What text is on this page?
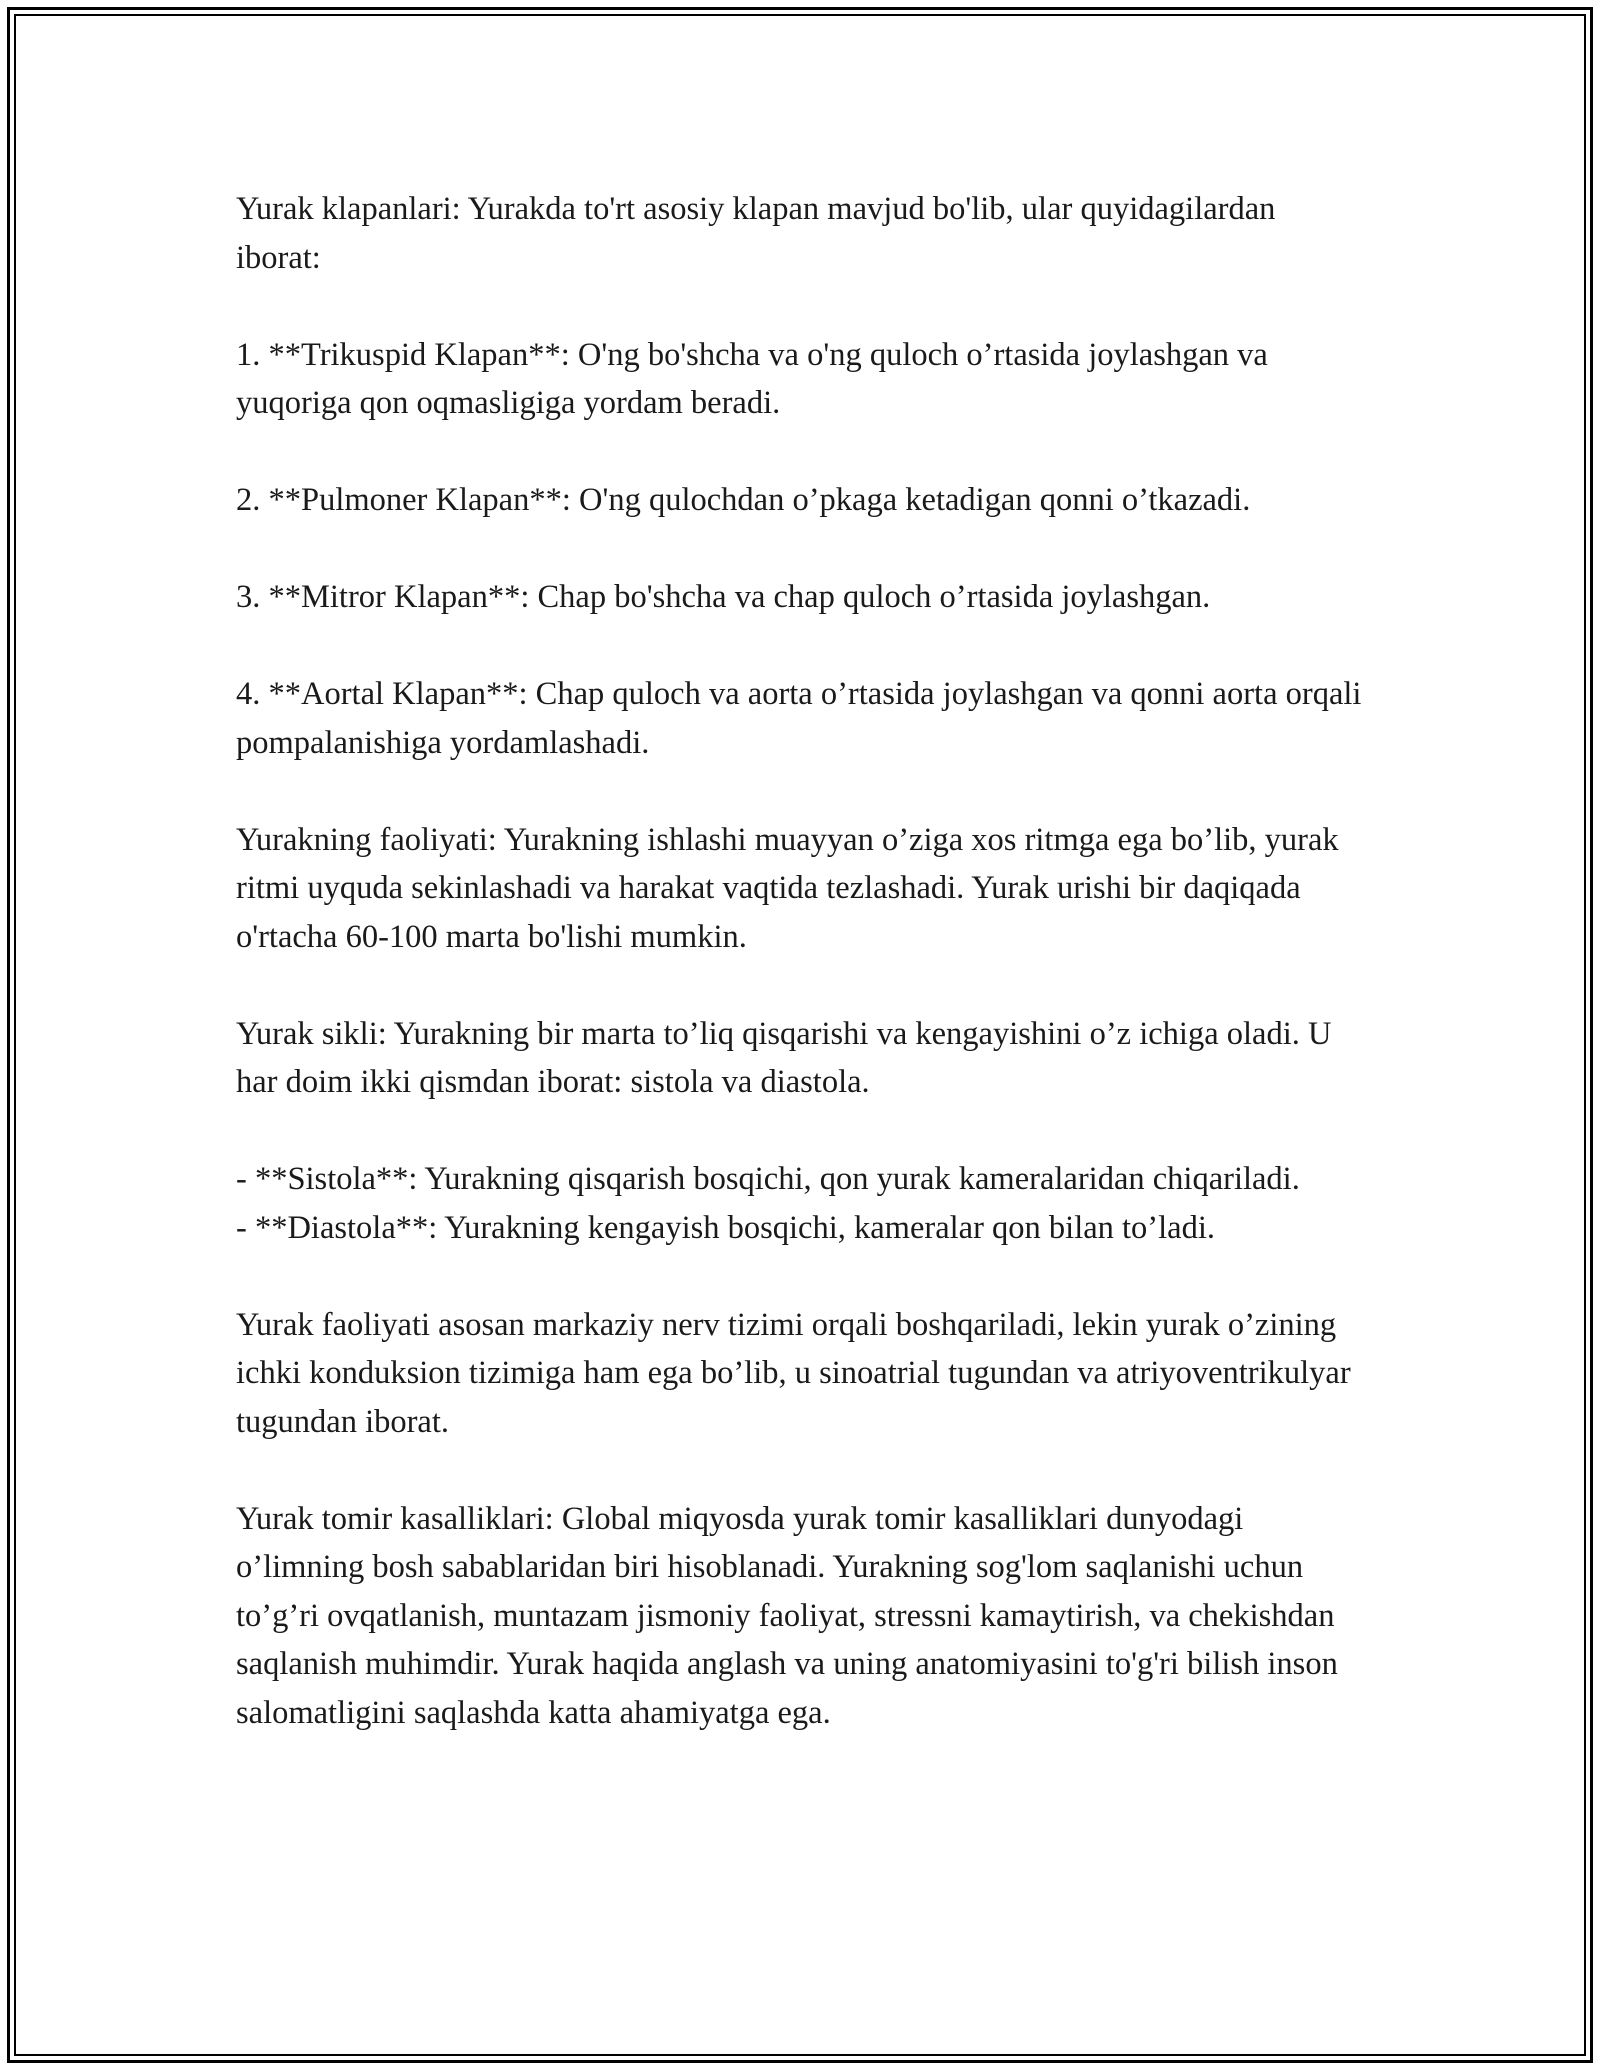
Yurak klapanlari: Yurakda to'rt asosiy klapan mavjud bo'lib, ular quyidagilardan iborat:

1. **Trikuspid Klapan**: O'ng bo'shcha va o'ng quloch o’rtasida joylashgan va yuqoriga qon oqmasligiga yordam beradi.

2. **Pulmoner Klapan**: O'ng qulochdan o’pkaga ketadigan qonni o’tkazadi.

3. **Mitror Klapan**: Chap bo'shcha va chap quloch o’rtasida joylashgan.

4. **Aortal Klapan**: Chap quloch va aorta o’rtasida joylashgan va qonni aorta orqali pompalanishiga yordamlashadi.

Yurakning faoliyati: Yurakning ishlashi muayyan o’ziga xos ritmga ega bo’lib, yurak ritmi uyquda sekinlashadi va harakat vaqtida tezlashadi. Yurak urishi bir daqiqada o'rtacha 60-100 marta bo'lishi mumkin.

Yurak sikli: Yurakning bir marta to’liq qisqarishi va kengayishini o’z ichiga oladi. U har doim ikki qismdan iborat: sistola va diastola.

- **Sistola**: Yurakning qisqarish bosqichi, qon yurak kameralaridan chiqariladi.

- **Diastola**: Yurakning kengayish bosqichi, kameralar qon bilan to’ladi.

Yurak faoliyati asosan markaziy nerv tizimi orqali boshqariladi, lekin yurak o’zining ichki konduksion tizimiga ham ega bo’lib, u sinoatrial tugundan va atriyoventrikulyar tugundan iborat.

Yurak tomir kasalliklari: Global miqyosda yurak tomir kasalliklari dunyodagi o’limning bosh sabablaridan biri hisoblanadi. Yurakning sog'lom saqlanishi uchun to’g’ri ovqatlanish, muntazam jismoniy faoliyat, stressni kamaytirish, va chekishdan saqlanish muhimdir. Yurak haqida anglash va uning anatomiyasini to'g'ri bilish inson salomatligini saqlashda katta ahamiyatga ega.
